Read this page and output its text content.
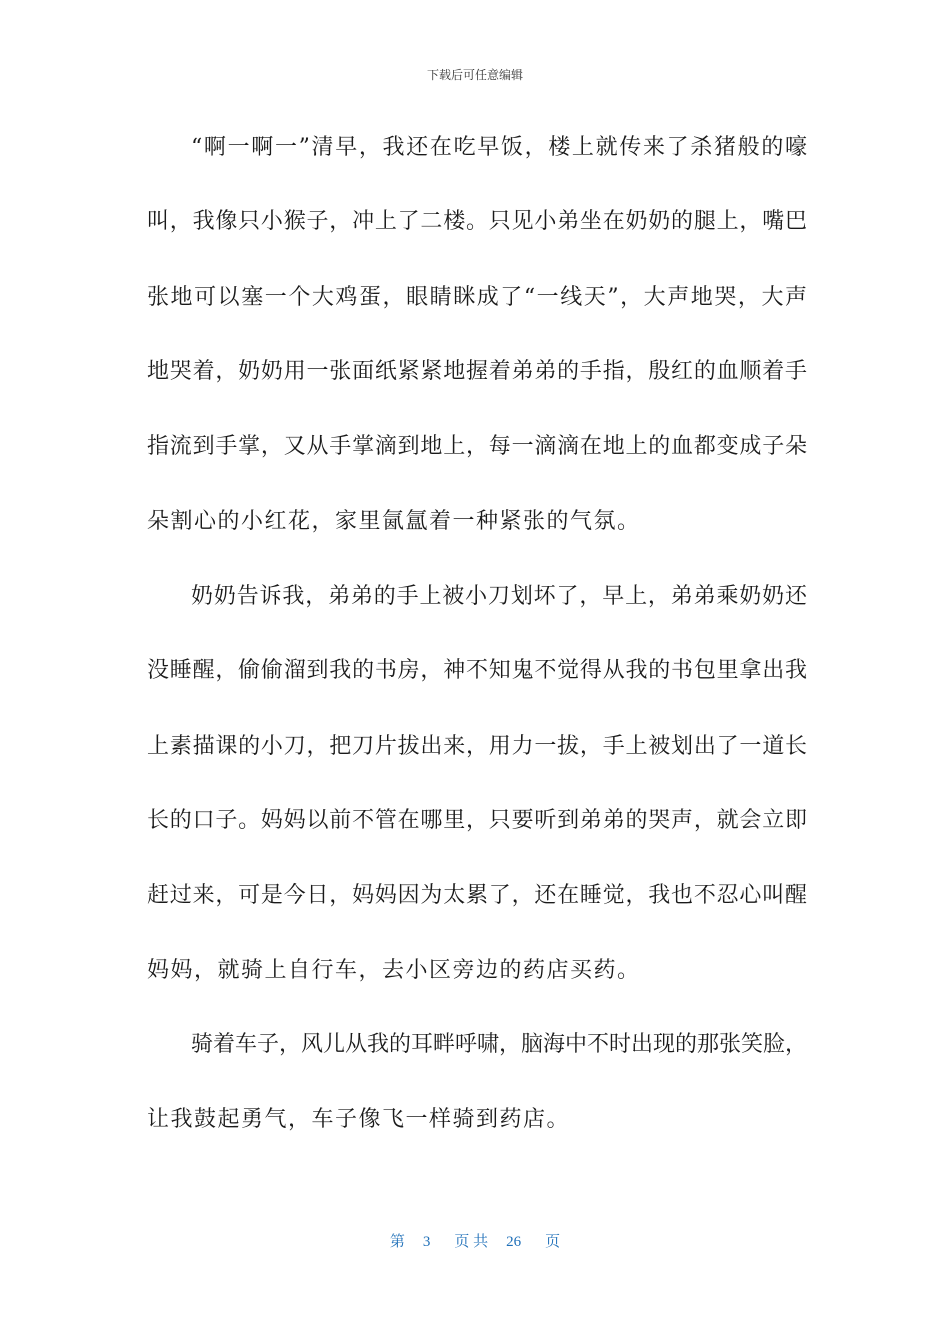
下载后可任意编辑
“啊一啊一”清早，我还在吃早饭，楼上就传来了杀猪般的嚎
叫，我像只小猴子，冲上了二楼。只见小弟坐在奶奶的腿上，嘴巴
张地可以塞一个大鸡蛋，眼睛眯成了“一线天”，大声地哭，大声
地哭着，奶奶用一张面纸紧紧地握着弟弟的手指，殷红的血顺着手
指流到手掌，又从手掌滴到地上，每一滴滴在地上的血都变成子朵
朵割心的小红花，家里氤氲着一种紧张的气氛。
奶奶告诉我，弟弟的手上被小刀划坏了，早上，弟弟乘奶奶还
没睡醒，偷偷溜到我的书房，神不知鬼不觉得从我的书包里拿出我
上素描课的小刀，把刀片拔出来，用力一拔，手上被划出了一道长
长的口子。妈妈以前不管在哪里，只要听到弟弟的哭声，就会立即
赶过来，可是今日，妈妈因为太累了，还在睡觉，我也不忍心叫醒
妈妈，就骑上自行车，去小区旁边的药店买药。
骑着车子，风儿从我的耳畔呼啸，脑海中不时出现的那张笑脸，
让我鼓起勇气，车子像飞一样骑到药店。
第 3 页 共 26 页
